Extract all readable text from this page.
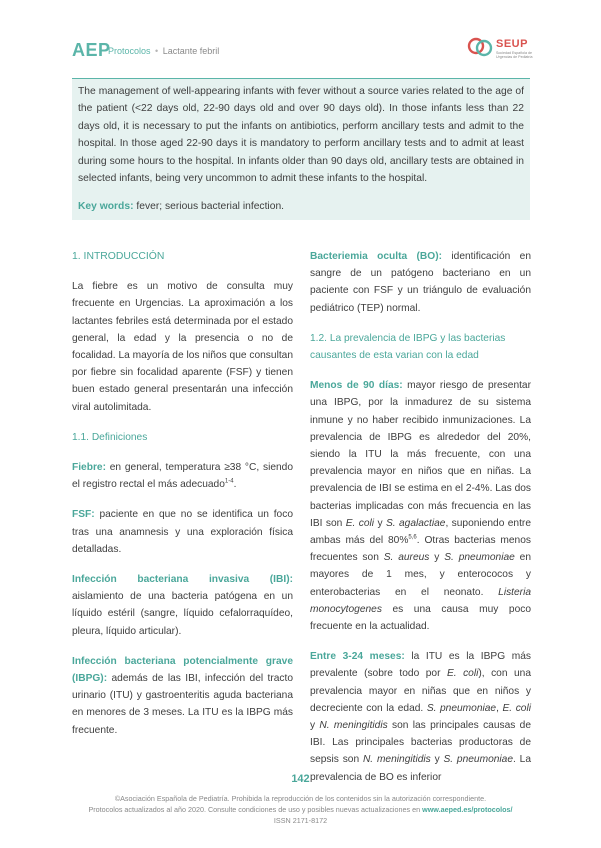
AEP
Protocolos • Lactante febril
SEUP
Sociedad Española de Urgencias de Pediatría

The management of well-appearing infants with fever without a source varies related to the age of the patient (<22 days old, 22-90 days old and over 90 days old). In those infants less than 22 days old, it is necessary to put the infants on antibiotics, perform ancillary tests and admit to the hospital. In those aged 22-90 days it is mandatory to perform ancillary tests and to admit at least during some hours to the hospital. In infants older than 90 days old, ancillary tests are obtained in selected infants, being very uncommon to admit these infants to the hospital.

Key words: fever; serious bacterial infection.

1. INTRODUCCIÓN

La fiebre es un motivo de consulta muy frecuente en Urgencias. La aproximación a los lactantes febriles está determinada por el estado general, la edad y la presencia o no de focalidad. La mayoría de los niños que consultan por fiebre sin focalidad aparente (FSF) y tienen buen estado general presentarán una infección viral autolimitada.

1.1. Definiciones

Fiebre: en general, temperatura ≥38 °C, siendo el registro rectal el más adecuado$^{1-4}$.

FSF: paciente en que no se identifica un foco tras una anamnesis y una exploración física detalladas.

Infección bacteriana invasiva (IBI): aislamiento de una bacteria patógena en un líquido estéril (sangre, líquido cefalorraquídeo, pleura, líquido articular).

Infección bacteriana potencialmente grave (IBPG): además de las IBI, infección del tracto urinario (ITU) y gastroenteritis aguda bacteriana en menores de 3 meses. La ITU es la IBPG más frecuente.

Bacteriemia oculta (BO): identificación en sangre de un patógeno bacteriano en un paciente con FSF y un triángulo de evaluación pediátrico (TEP) normal.

1.2. La prevalencia de IBPG y las bacterias causantes de esta varian con la edad

Menos de 90 días: mayor riesgo de presentar una IBPG, por la inmadurez de su sistema inmune y no haber recibido inmunizaciones. La prevalencia de IBPG es alrededor del 20%, siendo la ITU la más frecuente, con una prevalencia mayor en niños que en niñas. La prevalencia de IBI se estima en el 2-4%. Las dos bacterias implicadas con más frecuencia en las IBI son E. coli y S. agalactiae, suponiendo entre ambas más del 80%$^{5,6}$. Otras bacterias menos frecuentes son S. aureus y S. pneumoniae en mayores de 1 mes, y enterococos y enterobacterias en el neonato. Listeria monocytogenes es una causa muy poco frecuente en la actualidad.

Entre 3-24 meses: la ITU es la IBPG más prevalente (sobre todo por E. coli), con una prevalencia mayor en niñas que en niños y decreciente con la edad. S. pneumoniae, E. coli y N. meningitidis son las principales causas de IBI. Las principales bacterias productoras de sepsis son N. meningitidis y S. pneumoniae. La prevalencia de BO es inferior

142
©Asociación Española de Pediatría. Prohibida la reproducción de los contenidos sin la autorización correspondiente.
Protocolos actualizados al año 2020. Consulte condiciones de uso y posibles nuevas actualizaciones en www.aeped.es/protocolos/
ISSN 2171-8172
